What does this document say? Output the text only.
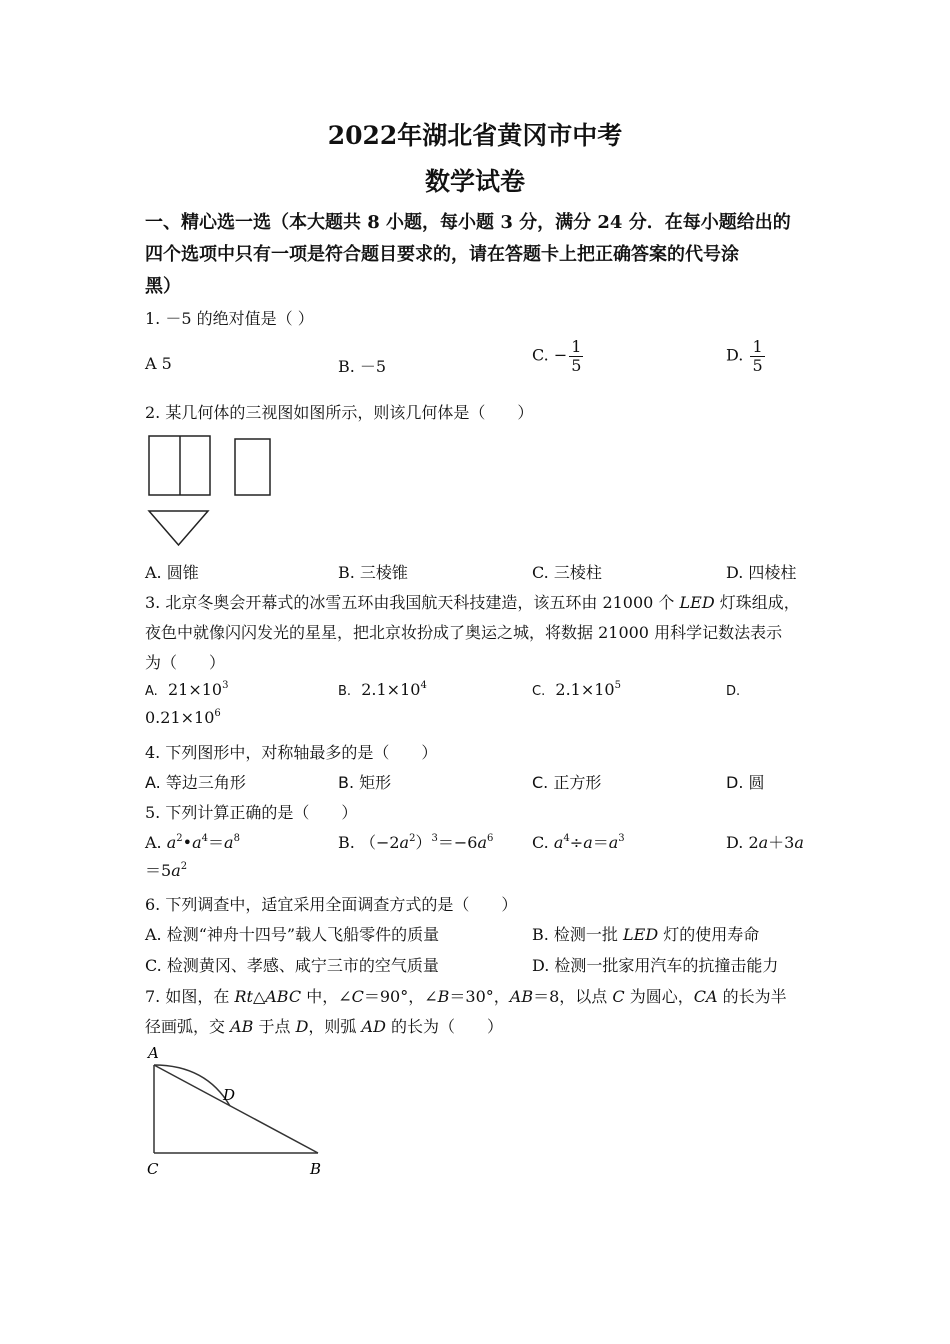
2022年湖北省黄冈市中考
数学试卷
一、精心选一选（本大题共 8 小题，每小题 3 分，满分 24 分．在每小题给出的
四个选项中只有一项是符合题目要求的，请在答题卡上把正确答案的代号涂
黑）
1. －5 的绝对值是（ ）
A 5	B. －5
C. − $\frac{1}{5}$	D. $\frac{1}{5}$
2. 某几何体的三视图如图所示，则该几何体是（　　）
A. 圆锥	B. 三棱锥	C. 三棱柱	D. 四棱柱
3. 北京冬奥会开幕式的冰雪五环由我国航天科技建造，该五环由 21000 个 LED 灯珠组成，
夜色中就像闪闪发光的星星，把北京妆扮成了奥运之城，将数据 21000 用科学记数法表示
为（　　）
A. $21\times 10^3$	B. $2.1\times 10^4$	C. $2.1\times 10^5$	D.
$0.21\times 10^6$
4. 下列图形中，对称轴最多的是（　　）
A. 等边三角形	B. 矩形	C. 正方形	D. 圆
5. 下列计算正确的是（　　）
A. $a^2•a^4=a^8$	B. $(-2a^2)^3=-6a^6$ C. $a^4\div a=a^3$	D. 2a＋3a
$=5a^2$
6. 下列调查中，适宜采用全面调查方式的是（　　）
A. 检测“神舟十四号”载人飞船零件的质量	B. 检测一批 LED 灯的使用寿命
C. 检测黄冈、孝感、咸宁三市的空气质量	D. 检测一批家用汽车的抗撞击能力
7. 如图，在 Rt△ABC 中，∠C＝90°，∠B＝30°，AB＝8，以点 C 为圆心，CA 的长为半
径画弧，交 AB 于点 D，则弧 AD 的长为（　　）
A
D
C	B
